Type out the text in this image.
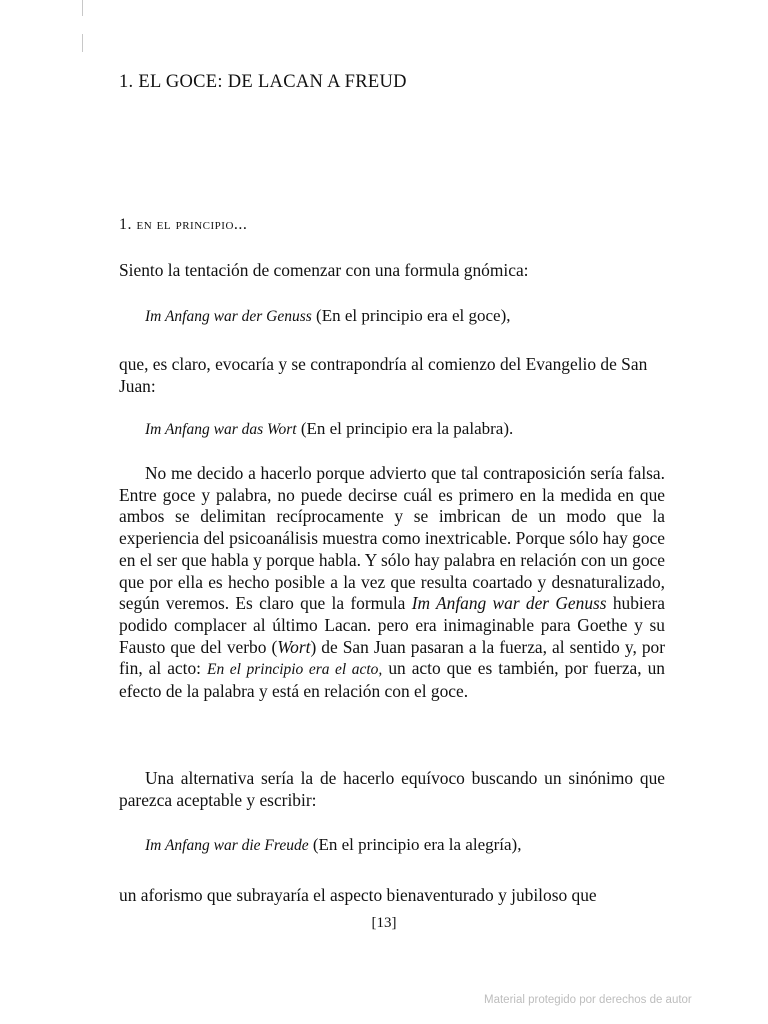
1. EL GOCE: DE LACAN A FREUD
1. en el principio...

Siento la tentación de comenzar con una formula gnómica:

Im Anfang war der Genuss (En el principio era el goce),

que, es claro, evocaría y se contrapondría al comienzo del Evangelio de San Juan:

Im Anfang war das Wort (En el principio era la palabra).

No me decido a hacerlo porque advierto que tal contraposición sería falsa. Entre goce y palabra, no puede decirse cuál es primero en la medida en que ambos se delimitan recíprocamente y se imbrican de un modo que la experiencia del psicoanálisis muestra como inextricable. Porque sólo hay goce en el ser que habla y porque habla. Y sólo hay palabra en relación con un goce que por ella es hecho posible a la vez que resulta coartado y desnaturalizado, según veremos. Es claro que la formula Im Anfang war der Genuss hubiera podido complacer al último Lacan. pero era inimaginable para Goethe y su Fausto que del verbo (Wort) de San Juan pasaran a la fuerza, al sentido y, por fin, al acto: En el principio era el acto, un acto que es también, por fuerza, un efecto de la palabra y está en relación con el goce.

Una alternativa sería la de hacerlo equívoco buscando un sinónimo que parezca aceptable y escribir:

Im Anfang war die Freude (En el principio era la alegría),

un aforismo que subrayaría el aspecto bienaventurado y jubiloso que

[13]
Material protegido por derechos de autor
